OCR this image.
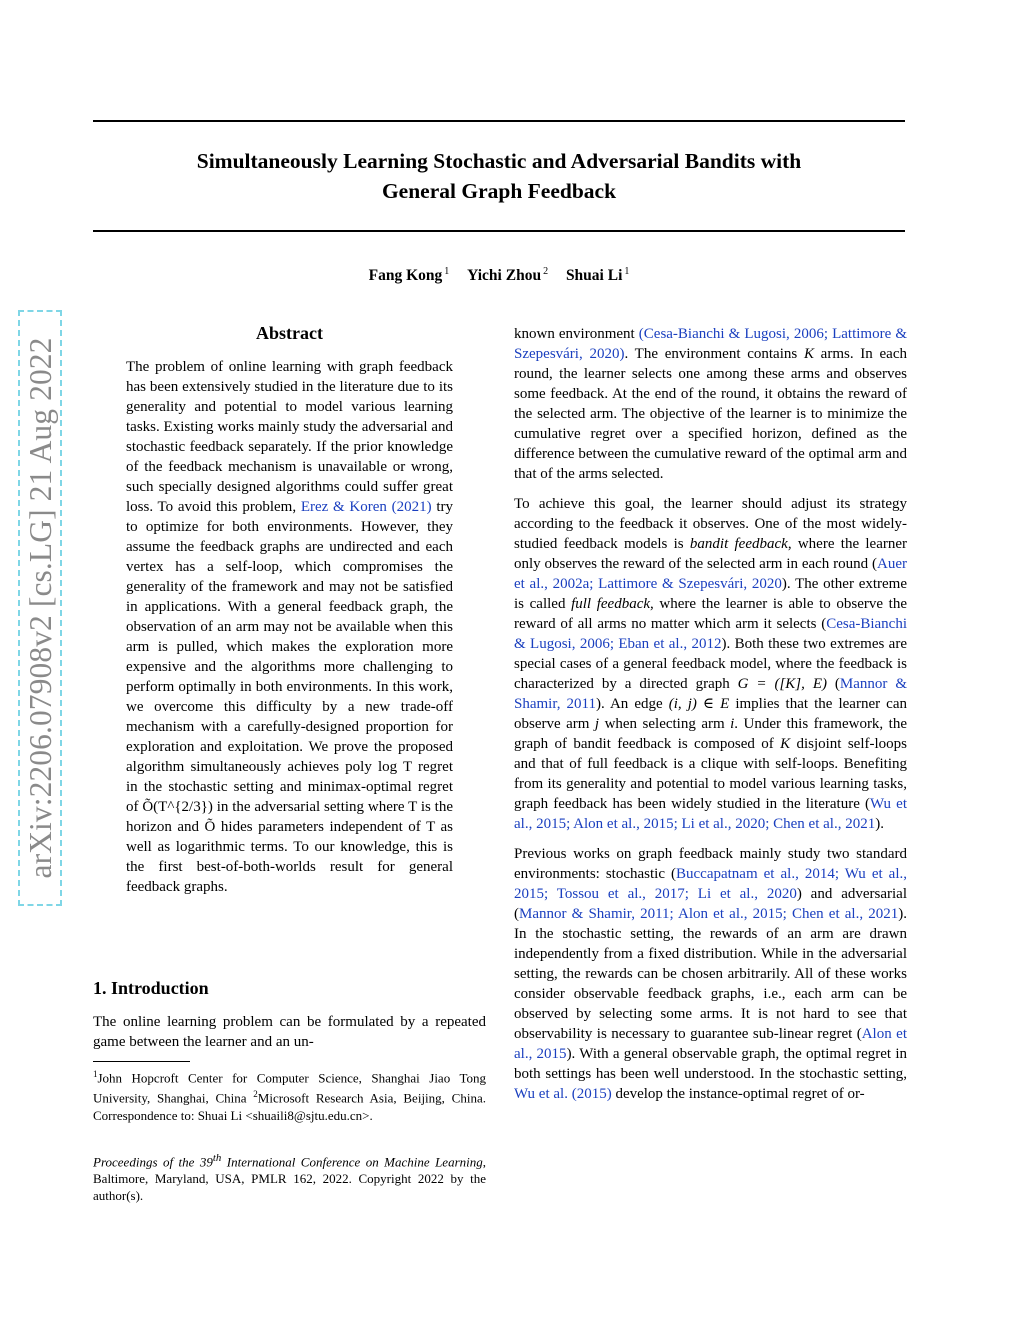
Simultaneously Learning Stochastic and Adversarial Bandits with
General Graph Feedback
Fang Kong $^1$ Yichi Zhou $^2$ Shuai Li $^1$
arXiv:2206.07908v2 [cs.LG] 21 Aug 2022
Abstract

The problem of online learning with graph feedback has been extensively studied in the literature due to its generality and potential to model various learning tasks. Existing works mainly study the adversarial and stochastic feedback separately. If the prior knowledge of the feedback mechanism is unavailable or wrong, such specially designed algorithms could suffer great loss. To avoid this problem, Erez & Koren (2021) try to optimize for both environments. However, they assume the feedback graphs are undirected and each vertex has a self-loop, which compromises the generality of the framework and may not be satisfied in applications. With a general feedback graph, the observation of an arm may not be available when this arm is pulled, which makes the exploration more expensive and the algorithms more challenging to perform optimally in both environments. In this work, we overcome this difficulty by a new trade-off mechanism with a carefully-designed proportion for exploration and exploitation. We prove the proposed algorithm simultaneously achieves poly log T regret in the stochastic setting and minimax-optimal regret of Õ(T^{2/3}) in the adversarial setting where T is the horizon and Õ hides parameters independent of T as well as logarithmic terms. To our knowledge, this is the first best-of-both-worlds result for general feedback graphs.

1. Introduction

The online learning problem can be formulated by a repeated game between the learner and an un-

$^1$John Hopcroft Center for Computer Science, Shanghai Jiao Tong University, Shanghai, China $^2$Microsoft Research Asia, Beijing, China. Correspondence to: Shuai Li <shuaili8@sjtu.edu.cn>.

Proceedings of the 39th International Conference on Machine Learning, Baltimore, Maryland, USA, PMLR 162, 2022. Copyright 2022 by the author(s).

known environment (Cesa-Bianchi & Lugosi, 2006; Lattimore & Szepesvári, 2020). The environment contains K arms. In each round, the learner selects one among these arms and observes some feedback. At the end of the round, it obtains the reward of the selected arm. The objective of the learner is to minimize the cumulative regret over a specified horizon, defined as the difference between the cumulative reward of the optimal arm and that of the arms selected.

To achieve this goal, the learner should adjust its strategy according to the feedback it observes. One of the most widely-studied feedback models is bandit feedback, where the learner only observes the reward of the selected arm in each round (Auer et al., 2002a; Lattimore & Szepesvári, 2020). The other extreme is called full feedback, where the learner is able to observe the reward of all arms no matter which arm it selects (Cesa-Bianchi & Lugosi, 2006; Eban et al., 2012). Both these two extremes are special cases of a general feedback model, where the feedback is characterized by a directed graph G = ([K], E) (Mannor & Shamir, 2011). An edge (i, j) ∈ E implies that the learner can observe arm j when selecting arm i. Under this framework, the graph of bandit feedback is composed of K disjoint self-loops and that of full feedback is a clique with self-loops. Benefiting from its generality and potential to model various learning tasks, graph feedback has been widely studied in the literature (Wu et al., 2015; Alon et al., 2015; Li et al., 2020; Chen et al., 2021).

Previous works on graph feedback mainly study two standard environments: stochastic (Buccapatnam et al., 2014; Wu et al., 2015; Tossou et al., 2017; Li et al., 2020) and adversarial (Mannor & Shamir, 2011; Alon et al., 2015; Chen et al., 2021). In the stochastic setting, the rewards of an arm are drawn independently from a fixed distribution. While in the adversarial setting, the rewards can be chosen arbitrarily. All of these works consider observable feedback graphs, i.e., each arm can be observed by selecting some arms. It is not hard to see that observability is necessary to guarantee sub-linear regret (Alon et al., 2015). With a general observable graph, the optimal regret in both settings has been well understood. In the stochastic setting, Wu et al. (2015) develop the instance-optimal regret of or-
